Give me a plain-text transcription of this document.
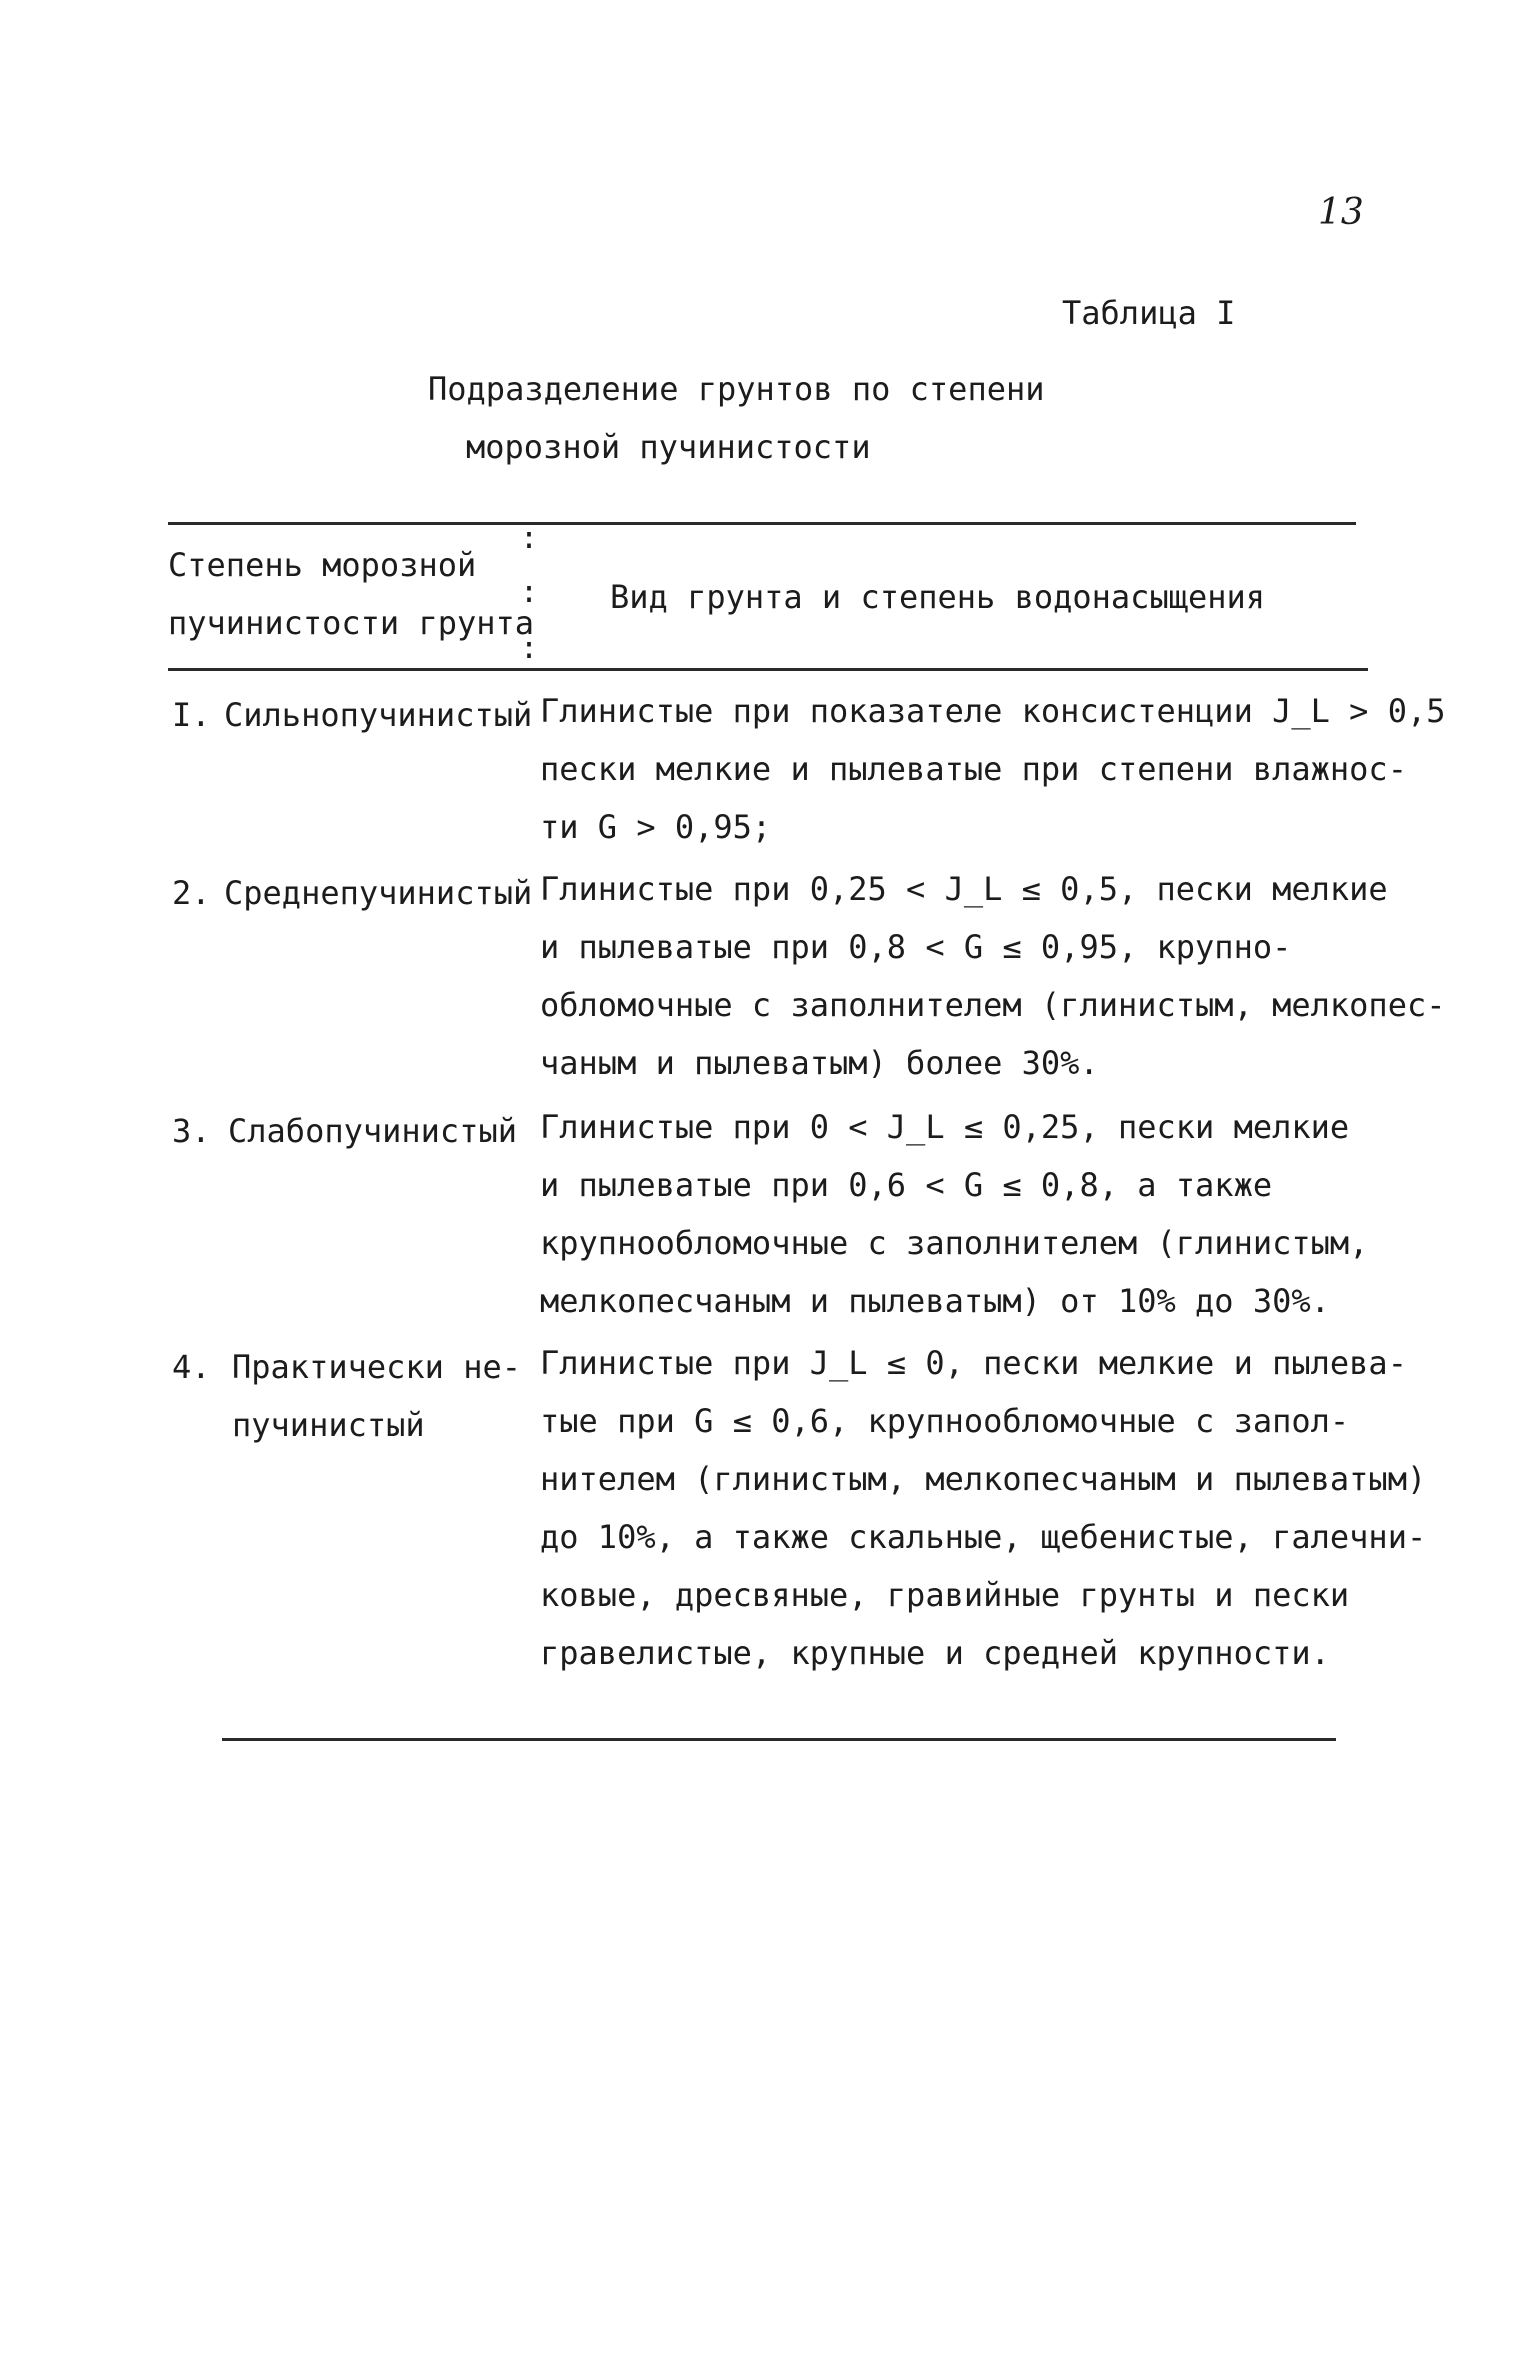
13
Таблица I
Подразделение грунтов по степени
морозной пучинистости
:
:
:
Степень морозной
пучинистости грунта
Вид грунта и степень водонасыщения
I. Сильнопучинистый Глинистые при показателе консистенции J_L > 0,5
пески мелкие и пылеватые при степени влажнос-
ти G > 0,95;
2. Среднепучинистый Глинистые при 0,25 < J_L ≤ 0,5, пески мелкие
и пылеватые при 0,8 < G ≤ 0,95, крупно-
обломочные с заполнителем (глинистым, мелкопес-
чаным и пылеватым) более 30%.
3. Слабопучинистый Глинистые при 0 < J_L ≤ 0,25, пески мелкие
и пылеватые при 0,6 < G ≤ 0,8, а также
крупнообломочные с заполнителем (глинистым,
мелкопесчаным и пылеватым) от 10% до 30%.
4. Практически не-
пучинистый
Глинистые при J_L ≤ 0, пески мелкие и пылева-
тые при G ≤ 0,6, крупнообломочные с запол-
нителем (глинистым, мелкопесчаным и пылеватым)
до 10%, а также скальные, щебенистые, галечни-
ковые, дресвяные, гравийные грунты и пески
гравелистые, крупные и средней крупности.
